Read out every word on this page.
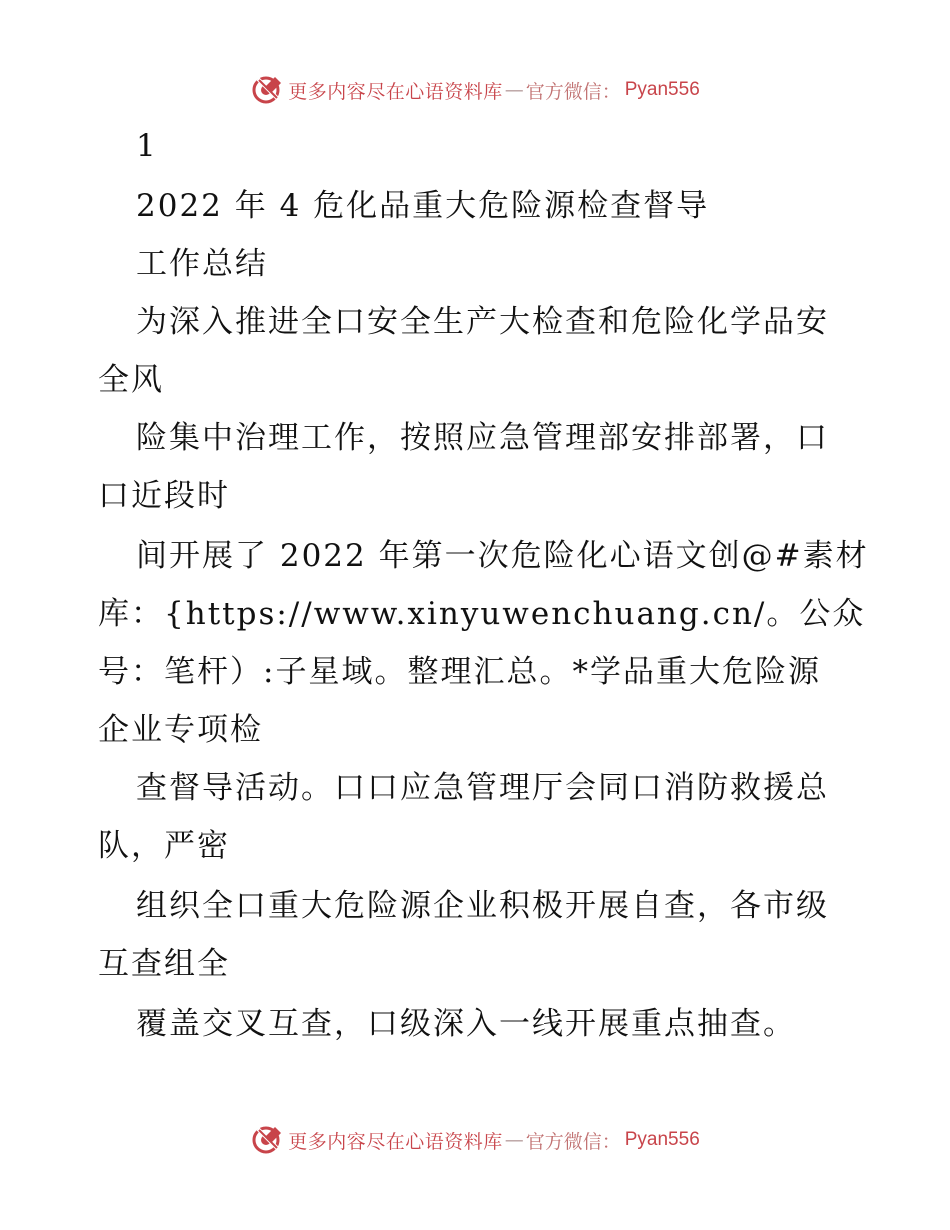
更多内容尽在心语资料库 — 官方微信： Pyan556
1
2022 年 4 危化品重大危险源检查督导
工作总结
为深入推进全口安全生产大检查和危险化学品安
全风
险集中治理工作，按照应急管理部安排部署，口
口近段时
间开展了 2022 年第一次危险化心语文创@#素材
库：{https://www.xinyuwenchuang.cn/。公众
号：笔杆）:子星域。整理汇总。*学品重大危险源
企业专项检
查督导活动。口口应急管理厅会同口消防救援总
队，严密
组织全口重大危险源企业积极开展自查，各市级
互查组全
覆盖交叉互查，口级深入一线开展重点抽查。
更多内容尽在心语资料库 — 官方微信： Pyan556
